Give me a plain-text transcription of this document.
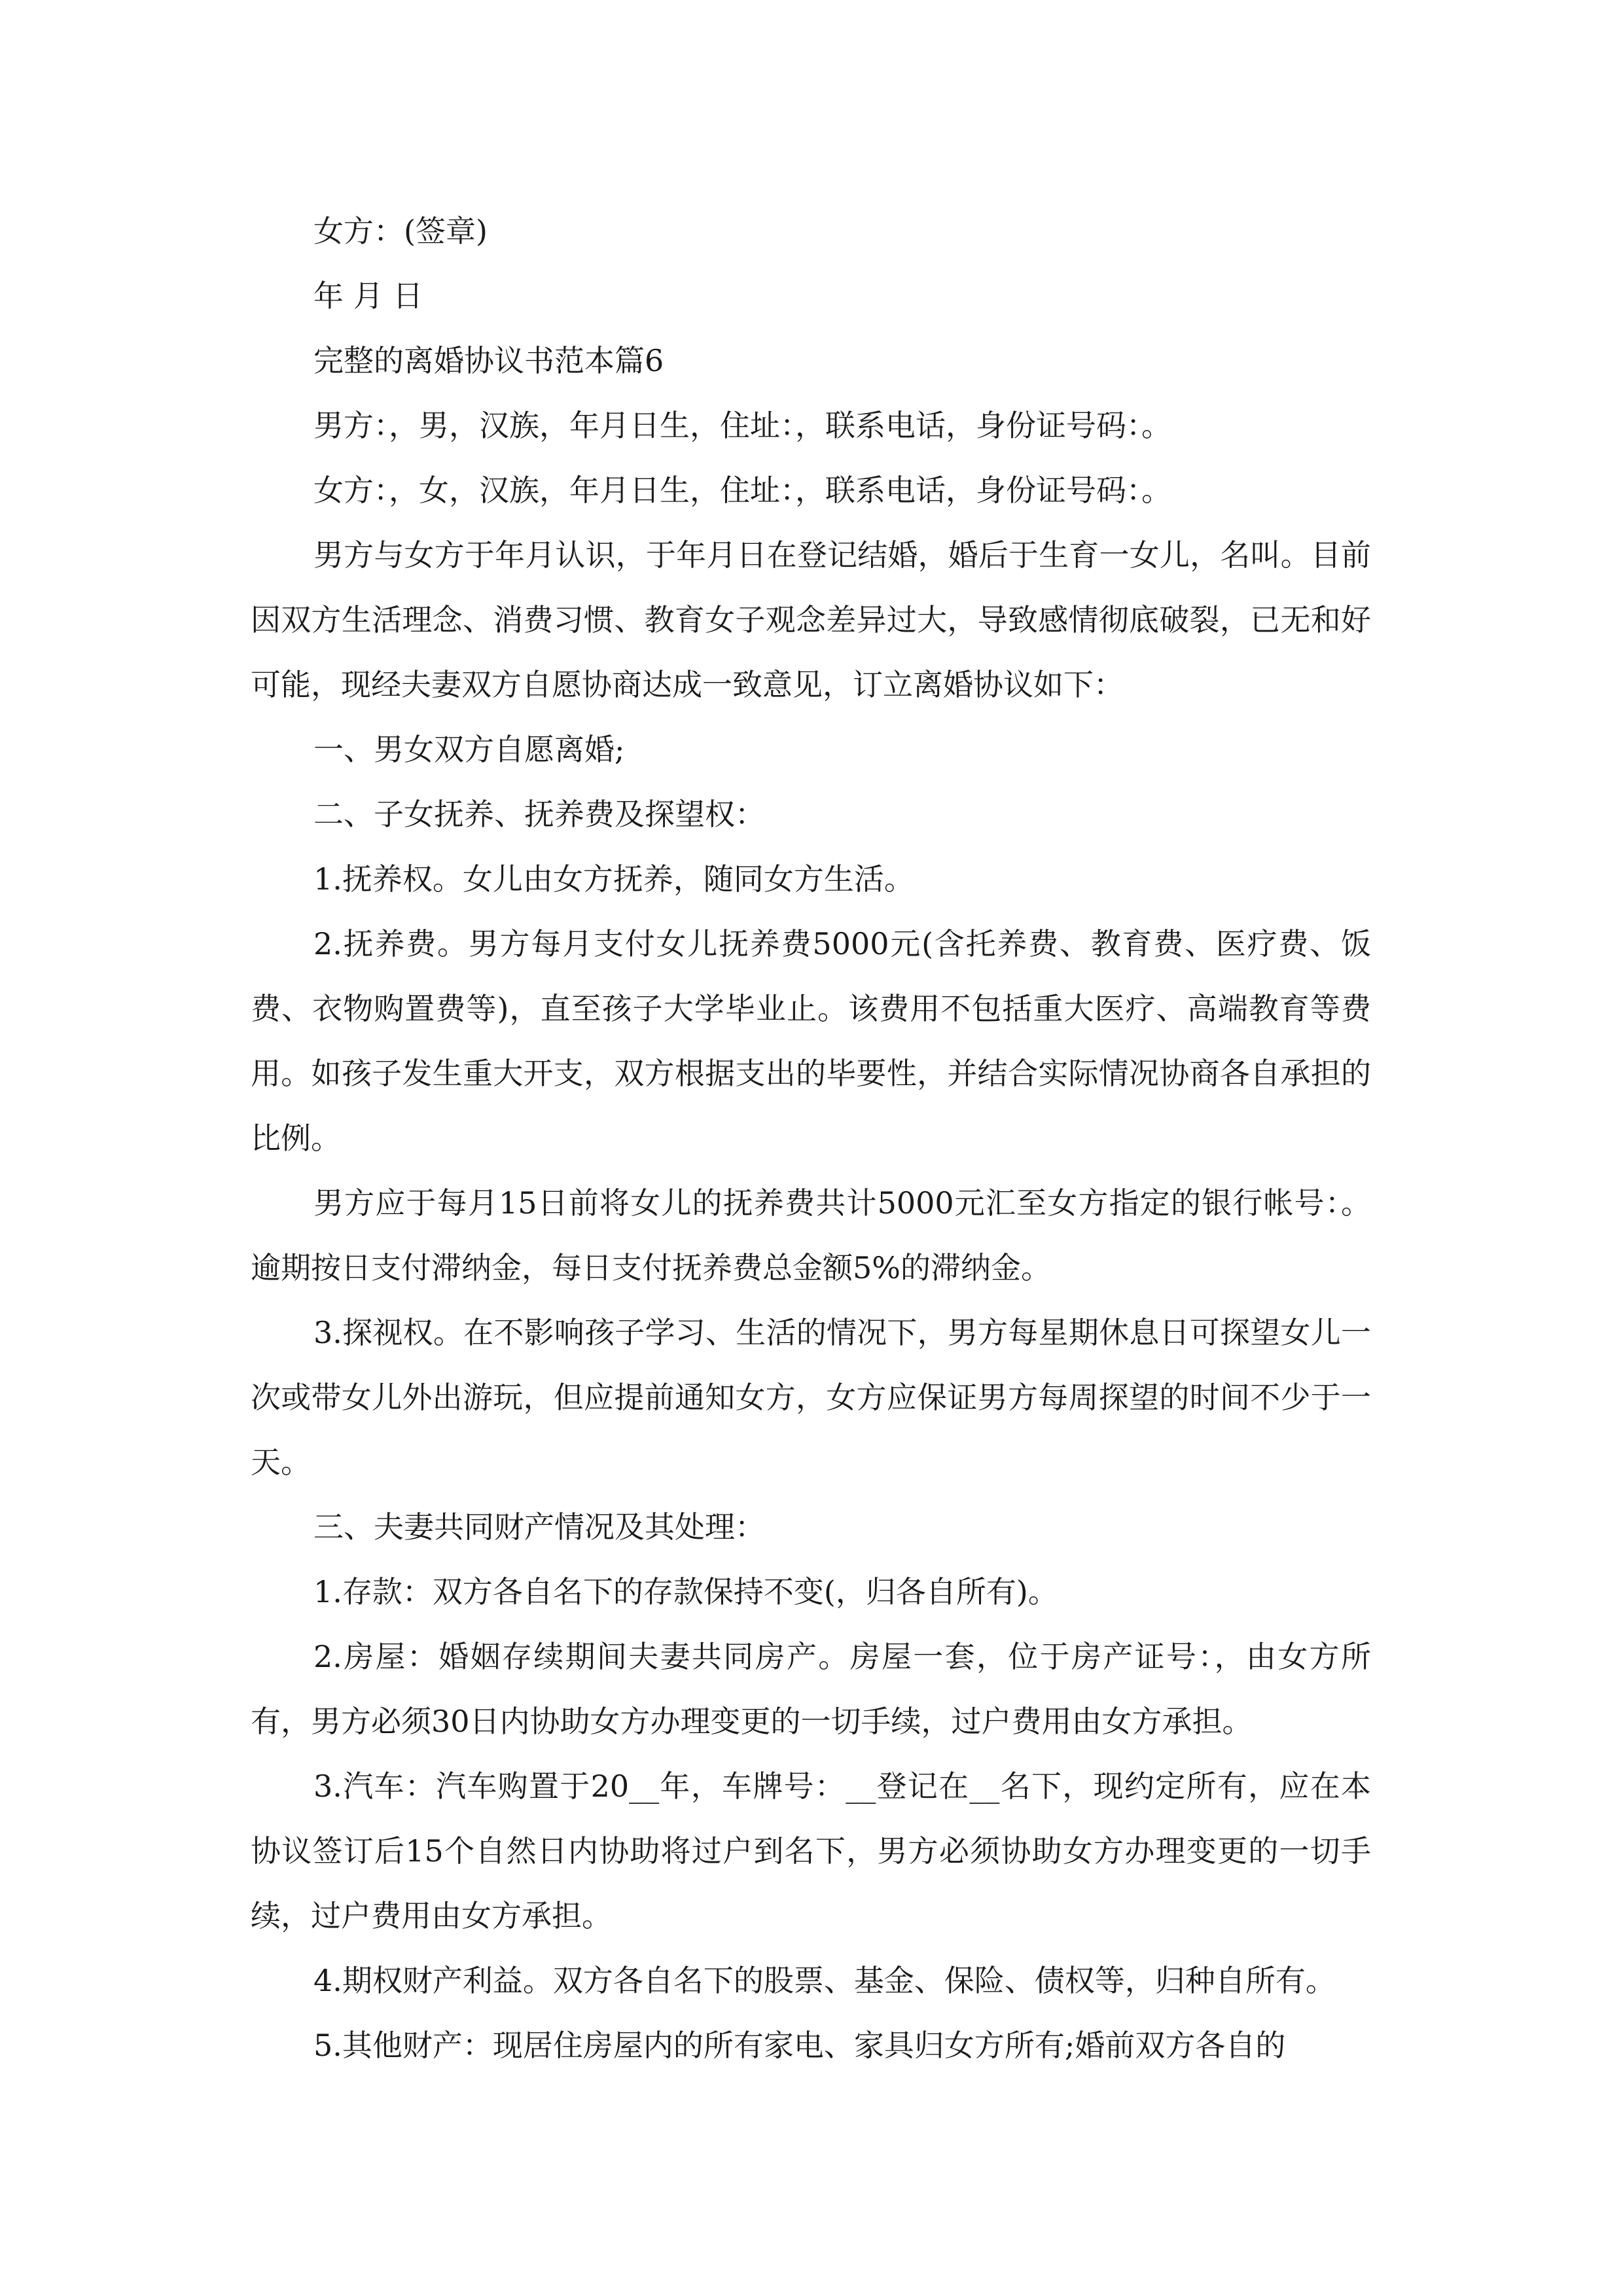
女方：(签章)

年 月 日

完整的离婚协议书范本篇6

男方：，男，汉族，年月日生，住址：，联系电话，身份证号码：。

女方：，女，汉族，年月日生，住址：，联系电话，身份证号码：。

男方与女方于年月认识，于年月日在登记结婚，婚后于生育一女儿，名叫。目前因双方生活理念、消费习惯、教育女子观念差异过大，导致感情彻底破裂，已无和好可能，现经夫妻双方自愿协商达成一致意见，订立离婚协议如下：

一、男女双方自愿离婚;

二、子女抚养、抚养费及探望权：

1.抚养权。女儿由女方抚养，随同女方生活。

2.抚养费。男方每月支付女儿抚养费5000元(含托养费、教育费、医疗费、饭费、衣物购置费等)，直至孩子大学毕业止。该费用不包括重大医疗、高端教育等费用。如孩子发生重大开支，双方根据支出的毕要性，并结合实际情况协商各自承担的比例。

男方应于每月15日前将女儿的抚养费共计5000元汇至女方指定的银行帐号：。逾期按日支付滞纳金，每日支付抚养费总金额5%的滞纳金。

3.探视权。在不影响孩子学习、生活的情况下，男方每星期休息日可探望女儿一次或带女儿外出游玩，但应提前通知女方，女方应保证男方每周探望的时间不少于一天。

三、夫妻共同财产情况及其处理：

1.存款：双方各自名下的存款保持不变(，归各自所有)。

2.房屋：婚姻存续期间夫妻共同房产。房屋一套，位于房产证号：，由女方所有，男方必须30日内协助女方办理变更的一切手续，过户费用由女方承担。

3.汽车：汽车购置于20__年，车牌号：__登记在__名下，现约定所有，应在本协议签订后15个自然日内协助将过户到名下，男方必须协助女方办理变更的一切手续，过户费用由女方承担。

4.期权财产利益。双方各自名下的股票、基金、保险、债权等，归种自所有。

5.其他财产：现居住房屋内的所有家电、家具归女方所有;婚前双方各自的
